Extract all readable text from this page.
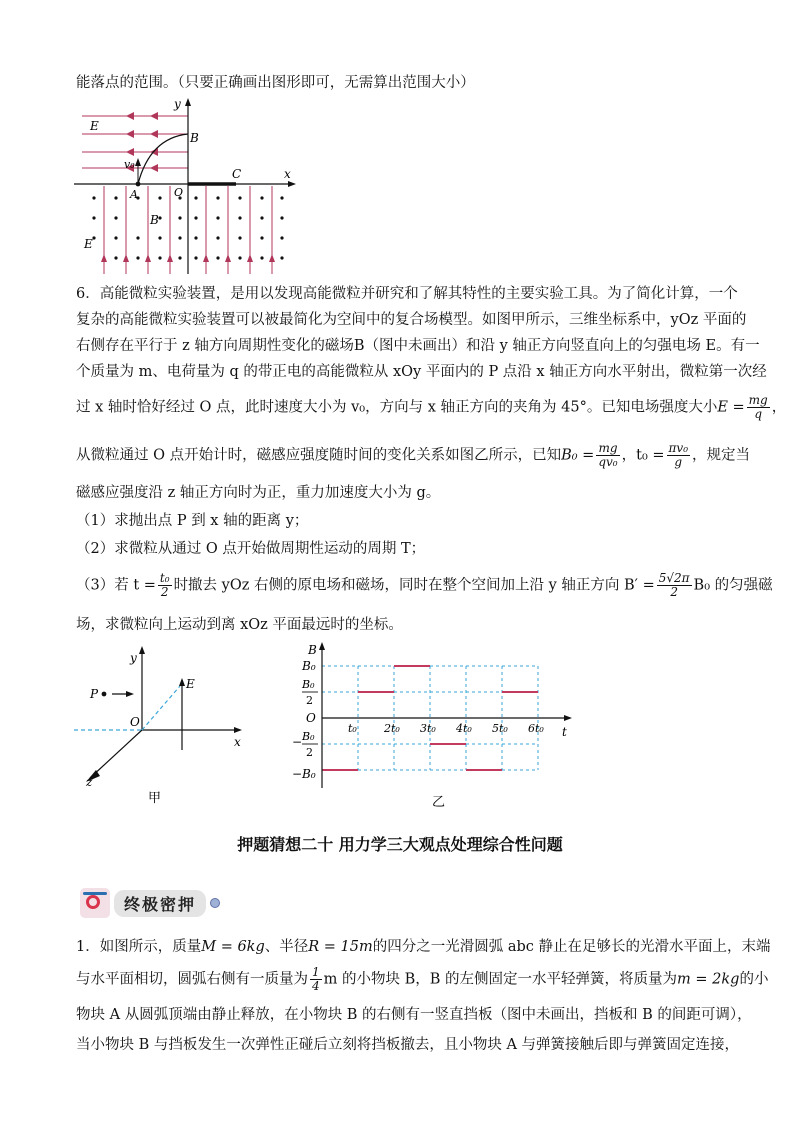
能落点的范围。（只要正确画出图形即可，无需算出范围大小）
y
x
E
B
v₀
A	O
C
B
E
6．高能微粒实验装置，是用以发现高能微粒并研究和了解其特性的主要实验工具。为了简化计算，一个
复杂的高能微粒实验装置可以被最简化为空间中的复合场模型。如图甲所示，三维坐标系中，yOz 平面的
右侧存在平行于 z 轴方向周期性变化的磁场B（图中未画出）和沿 y 轴正方向竖直向上的匀强电场 E。有一
个质量为 m、电荷量为 q 的带正电的高能微粒从 xOy 平面内的 P 点沿 x 轴正方向水平射出，微粒第一次经
过 x 轴时恰好经过 O 点，此时速度大小为 v₀，方向与 x 轴正方向的夹角为 45°。已知电场强度大小$E = \frac{mg}{q}$ ，
从微粒通过 O 点开始计时，磁感应强度随时间的变化关系如图乙所示，已知$B_0 = \frac{mg}{\text{qv₀}}$ ，$t_0 = \frac{\text{πv₀}}{g}$ ，规定当
磁感应强度沿 z 轴正方向时为正，重力加速度大小为 g。
（1）求抛出点 P 到 x 轴的距离 y；
（2）求微粒从通过 O 点开始做周期性运动的周期 T；
（3）若 $t = \frac{\text{t₀}}{2}$ 时撤去 yOz 右侧的原电场和磁场，同时在整个空间加上沿 y 轴正方向 $B' = \frac{5√2\pi}{2} B_0$ 的匀强磁
场，求微粒向上运动到离 xOz 平面最远时的坐标。
y
P
E
O
x
z
甲
t₀ 2t₀ 3t₀ 4t₀ 5t₀ 6t₀
B
B₀
B₀
2
O
− B₀
2
−B₀
t
乙
押题猜想二十 用力学三大观点处理综合性问题
终极密押
1．如图所示，质量M = 6kg、半径R = 15m的四分之一光滑圆弧 abc 静止在足够长的光滑水平面上，末端
与水平面相切，圆弧右侧有一质量为 $\frac{1}{4}$ m 的小物块 B，B 的左侧固定一水平轻弹簧，将质量为m = 2kg的小
物块 A 从圆弧顶端由静止释放，在小物块 B 的右侧有一竖直挡板（图中未画出，挡板和 B 的间距可调），
当小物块 B 与挡板发生一次弹性正碰后立刻将挡板撤去，且小物块 A 与弹簧接触后即与弹簧固定连接，
